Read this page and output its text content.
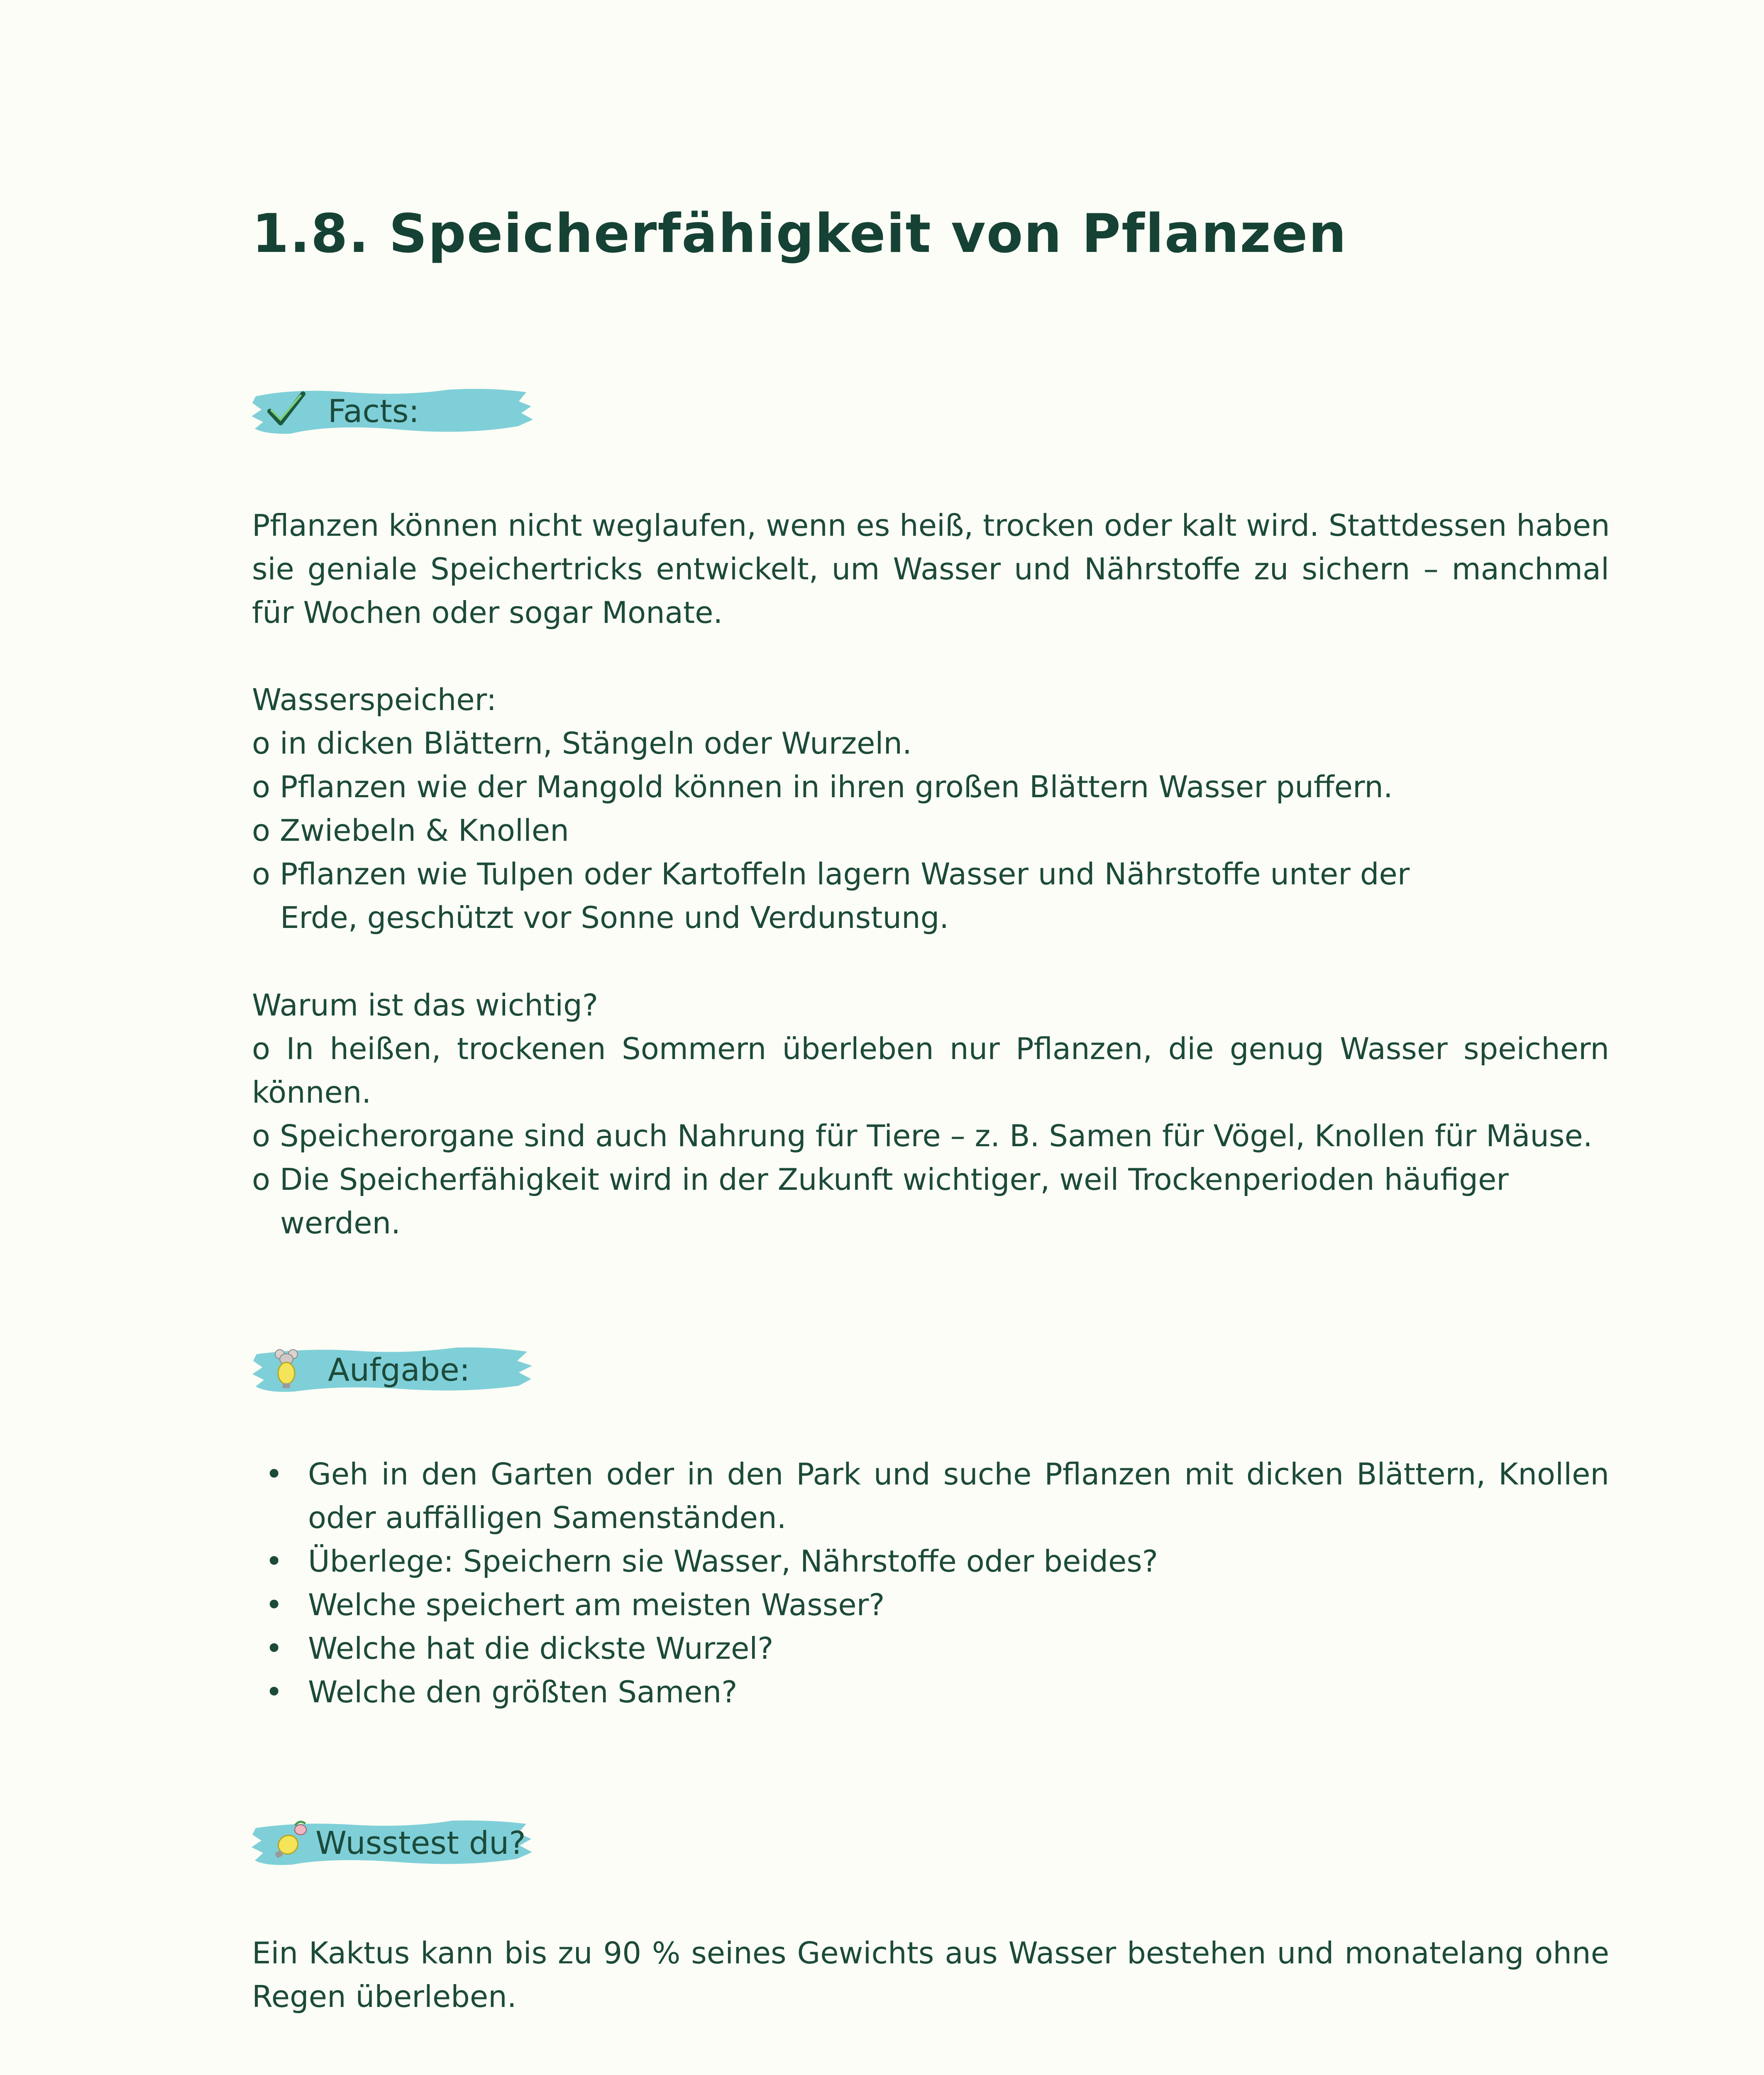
1.8. Speicherfähigkeit von Pflanzen
Facts:
Pflanzen können nicht weglaufen, wenn es heiß, trocken oder kalt wird. Stattdessen haben
sie geniale Speichertricks entwickelt, um Wasser und Nährstoffe zu sichern – manchmal
für Wochen oder sogar Monate.
Wasserspeicher:
o in dicken Blättern, Stängeln oder Wurzeln.
o Pflanzen wie der Mangold können in ihren großen Blättern Wasser puffern.
o Zwiebeln & Knollen
o Pflanzen wie Tulpen oder Kartoffeln lagern Wasser und Nährstoffe unter der
Erde, geschützt vor Sonne und Verdunstung.
Warum ist das wichtig?
o In heißen, trockenen Sommern überleben nur Pflanzen, die genug Wasser speichern
können.
o Speicherorgane sind auch Nahrung für Tiere – z. B. Samen für Vögel, Knollen für Mäuse.
o Die Speicherfähigkeit wird in der Zukunft wichtiger, weil Trockenperioden häufiger
werden.
Aufgabe:
• Geh in den Garten oder in den Park und suche Pflanzen mit dicken Blättern, Knollen
oder auffälligen Samenständen.
• Überlege: Speichern sie Wasser, Nährstoffe oder beides?
• Welche speichert am meisten Wasser?
• Welche hat die dickste Wurzel?
• Welche den größten Samen?
Wusstest du?
Ein Kaktus kann bis zu 90 % seines Gewichts aus Wasser bestehen und monatelang ohne
Regen überleben.
